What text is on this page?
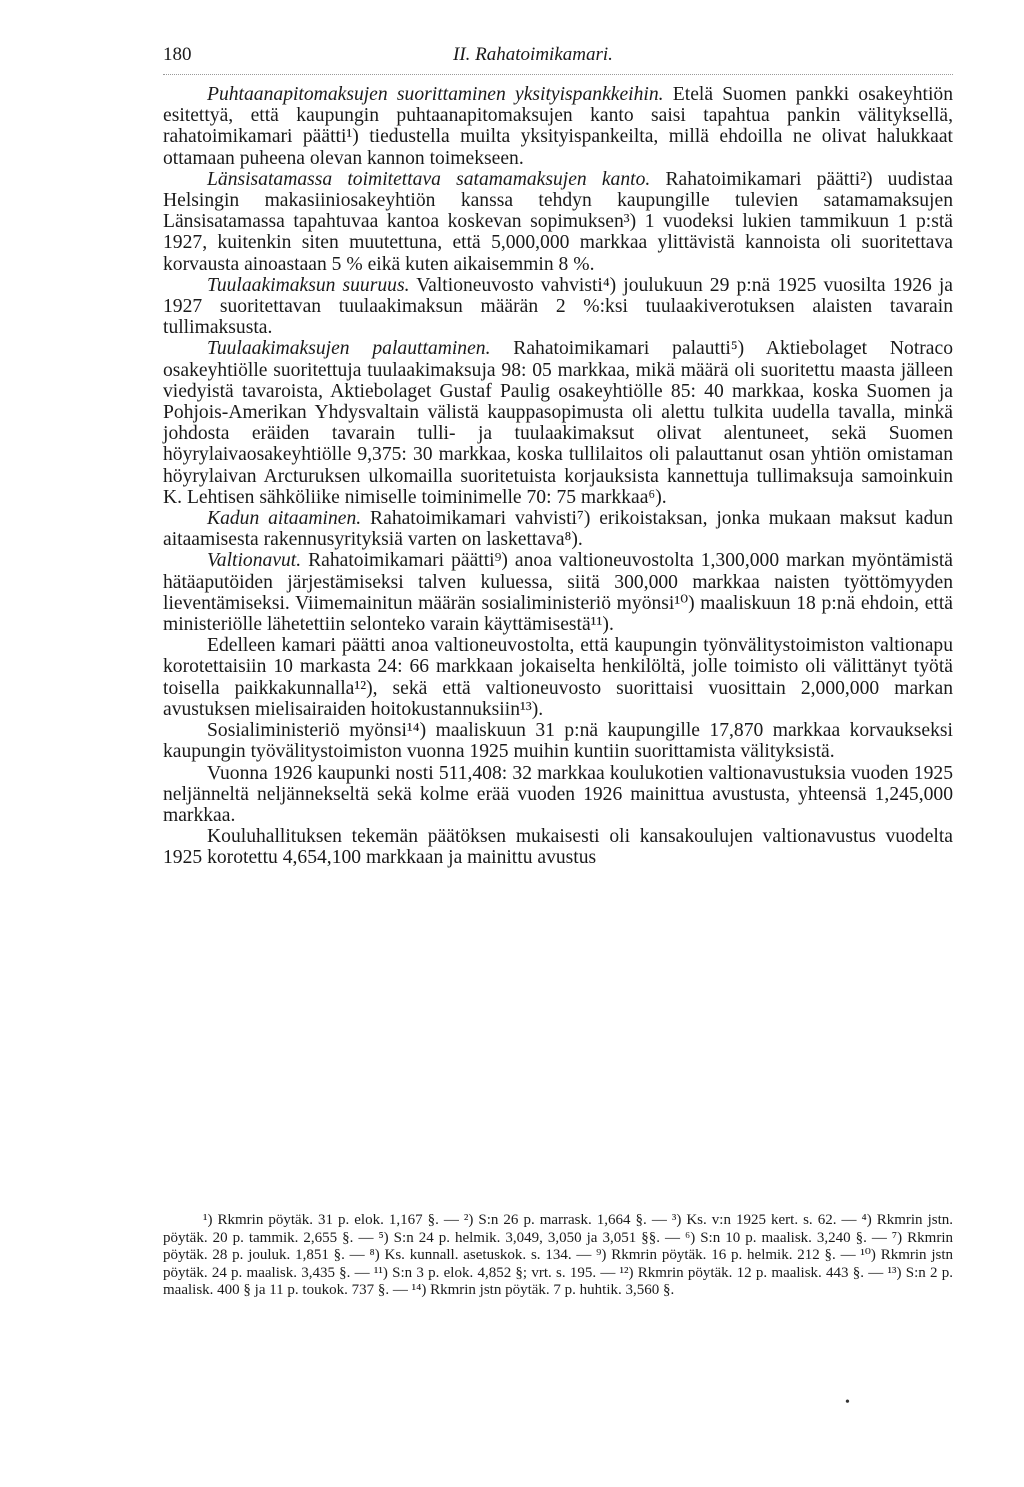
180	II. Rahatoimikamari.

Puhtaanapitomaksujen suorittaminen yksityispankkeihin. Etelä Suomen pankki osakeyhtiön esitettyä, että kaupungin puhtaanapitomaksujen kanto saisi tapahtua pankin välityksellä, rahatoimikamari päätti¹) tiedustella muilta yksityispankeilta, millä ehdoilla ne olivat halukkaat ottamaan puheena olevan kannon toimekseen.

Länsisatamassa toimitettava satamamaksujen kanto. Rahatoimikamari päätti²) uudistaa Helsingin makasiiniosakeyhtiön kanssa tehdyn kaupungille tulevien satamamaksujen Länsisatamassa tapahtuvaa kantoa koskevan sopimuksen³) 1 vuodeksi lukien tammikuun 1 p:stä 1927, kuitenkin siten muutettuna, että 5,000,000 markkaa ylittävistä kannoista oli suoritettava korvausta ainoastaan 5 % eikä kuten aikaisemmin 8 %.

Tuulaakimaksun suuruus. Valtioneuvosto vahvisti⁴) joulukuun 29 p:nä 1925 vuosilta 1926 ja 1927 suoritettavan tuulaakimaksun määrän 2 %:ksi tuulaakiverotuksen alaisten tavarain tullimaksusta.

Tuulaakimaksujen palauttaminen. Rahatoimikamari palautti⁵) Aktiebolaget Notraco osakeyhtiölle suoritettuja tuulaakimaksuja 98: 05 markkaa, mikä määrä oli suoritettu maasta jälleen viedyistä tavaroista, Aktiebolaget Gustaf Paulig osakeyhtiölle 85: 40 markkaa, koska Suomen ja Pohjois-Amerikan Yhdysvaltain välistä kauppasopimusta oli alettu tulkita uudella tavalla, minkä johdosta eräiden tavarain tulli- ja tuulaakimaksut olivat alentuneet, sekä Suomen höyrylaivaosakeyhtiölle 9,375: 30 markkaa, koska tullilaitos oli palauttanut osan yhtiön omistaman höyrylaivan Arcturuksen ulkomailla suoritetuista korjauksista kannettuja tullimaksuja samoinkuin K. Lehtisen sähköliike nimiselle toiminimelle 70: 75 markkaa⁶).

Kadun aitaaminen. Rahatoimikamari vahvisti⁷) erikoistaksan, jonka mukaan maksut kadun aitaamisesta rakennusyrityksiä varten on laskettava⁸).

Valtionavut. Rahatoimikamari päätti⁹) anoa valtioneuvostolta 1,300,000 markan myöntämistä hätäaputöiden järjestämiseksi talven kuluessa, siitä 300,000 markkaa naisten työttömyyden lieventämiseksi. Viimemainitun määrän sosialiministeriö myönsi¹⁰) maaliskuun 18 p:nä ehdoin, että ministeriölle lähetettiin selonteko varain käyttämisestä¹¹).

Edelleen kamari päätti anoa valtioneuvostolta, että kaupungin työnvälitystoimiston valtionapu korotettaisiin 10 markasta 24: 66 markkaan jokaiselta henkilöltä, jolle toimisto oli välittänyt työtä toisella paikkakunnalla¹²), sekä että valtioneuvosto suorittaisi vuosittain 2,000,000 markan avustuksen mielisairaiden hoitokustannuksiin¹³).

Sosialiministeriö myönsi¹⁴) maaliskuun 31 p:nä kaupungille 17,870 markkaa korvaukseksi kaupungin työvälitystoimiston vuonna 1925 muihin kuntiin suorittamista välityksistä.

Vuonna 1926 kaupunki nosti 511,408: 32 markkaa koulukotien valtionavustuksia vuoden 1925 neljänneltä neljännekseltä sekä kolme erää vuoden 1926 mainittua avustusta, yhteensä 1,245,000 markkaa.

Kouluhallituksen tekemän päätöksen mukaisesti oli kansakoulujen valtionavustus vuodelta 1925 korotettu 4,654,100 markkaan ja mainittu avustus

¹) Rkmrin pöytäk. 31 p. elok. 1,167 §. — ²) S:n 26 p. marrask. 1,664 §. — ³) Ks. v:n 1925 kert. s. 62. — ⁴) Rkmrin jstn. pöytäk. 20 p. tammik. 2,655 §. — ⁵) S:n 24 p. helmik. 3,049, 3,050 ja 3,051 §§. — ⁶) S:n 10 p. maalisk. 3,240 §. — ⁷) Rkmrin pöytäk. 28 p. jouluk. 1,851 §. — ⁸) Ks. kunnall. asetuskok. s. 134. — ⁹) Rkmrin pöytäk. 16 p. helmik. 212 §. — ¹⁰) Rkmrin jstn pöytäk. 24 p. maalisk. 3,435 §. — ¹¹) S:n 3 p. elok. 4,852 §; vrt. s. 195. — ¹²) Rkmrin pöytäk. 12 p. maalisk. 443 §. — ¹³) S:n 2 p. maalisk. 400 § ja 11 p. toukok. 737 §. — ¹⁴) Rkmrin jstn pöytäk. 7 p. huhtik. 3,560 §.

•
